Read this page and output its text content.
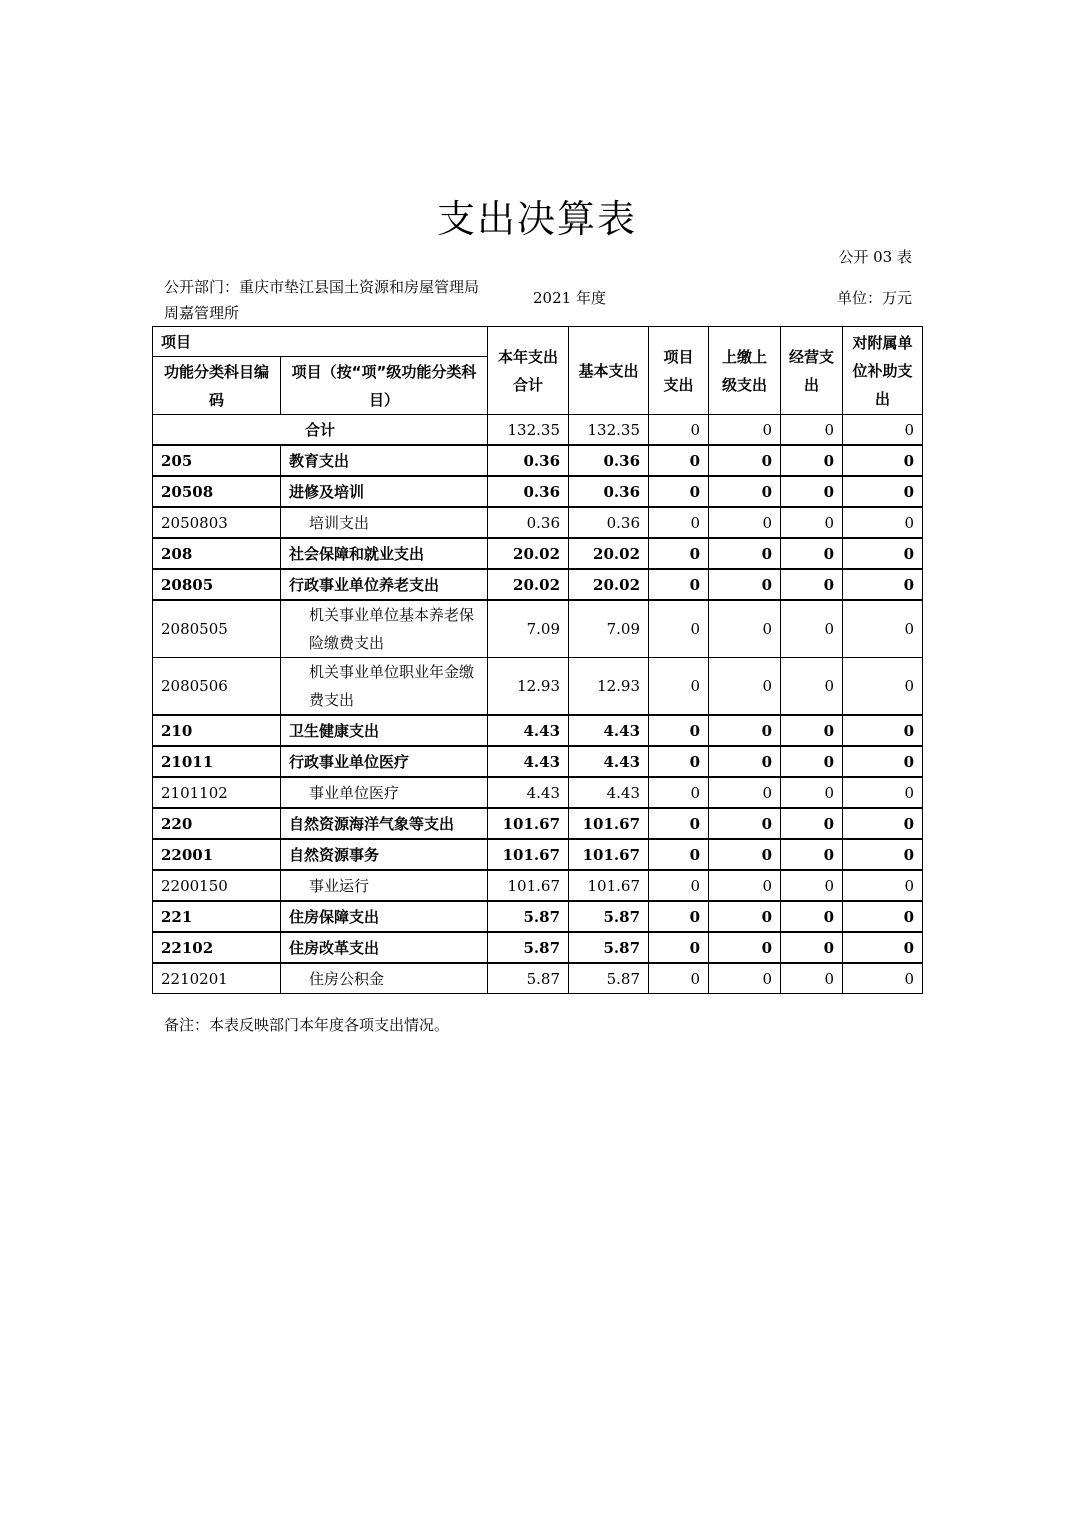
支出决算表
公开 03 表
公开部门：重庆市垫江县国土资源和房屋管理局周嘉管理所
2021 年度	单位：万元
项目		本年支出合计	基本支出	项目支出	上缴上级支出	经营支出	对附属单位补助支出
功能分类科目编码	项目（按“项”级功能分类科目）						
合计		132.35	132.35	0	0	0	0
205	教育支出	0.36	0.36	0	0	0	0
20508	进修及培训	0.36	0.36	0	0	0	0
2050803	培训支出	0.36	0.36	0	0	0	0
208	社会保障和就业支出	20.02	20.02	0	0	0	0
20805	行政事业单位养老支出	20.02	20.02	0	0	0	0
2080505	机关事业单位基本养老保险缴费支出	7.09	7.09	0	0	0	0
2080506	机关事业单位职业年金缴费支出	12.93	12.93	0	0	0	0
210	卫生健康支出	4.43	4.43	0	0	0	0
21011	行政事业单位医疗	4.43	4.43	0	0	0	0
2101102	事业单位医疗	4.43	4.43	0	0	0	0
220	自然资源海洋气象等支出	101.67	101.67	0	0	0	0
22001	自然资源事务	101.67	101.67	0	0	0	0
2200150	事业运行	101.67	101.67	0	0	0	0
221	住房保障支出	5.87	5.87	0	0	0	0
22102	住房改革支出	5.87	5.87	0	0	0	0
2210201	住房公积金	5.87	5.87	0	0	0	0
备注：本表反映部门本年度各项支出情况。
